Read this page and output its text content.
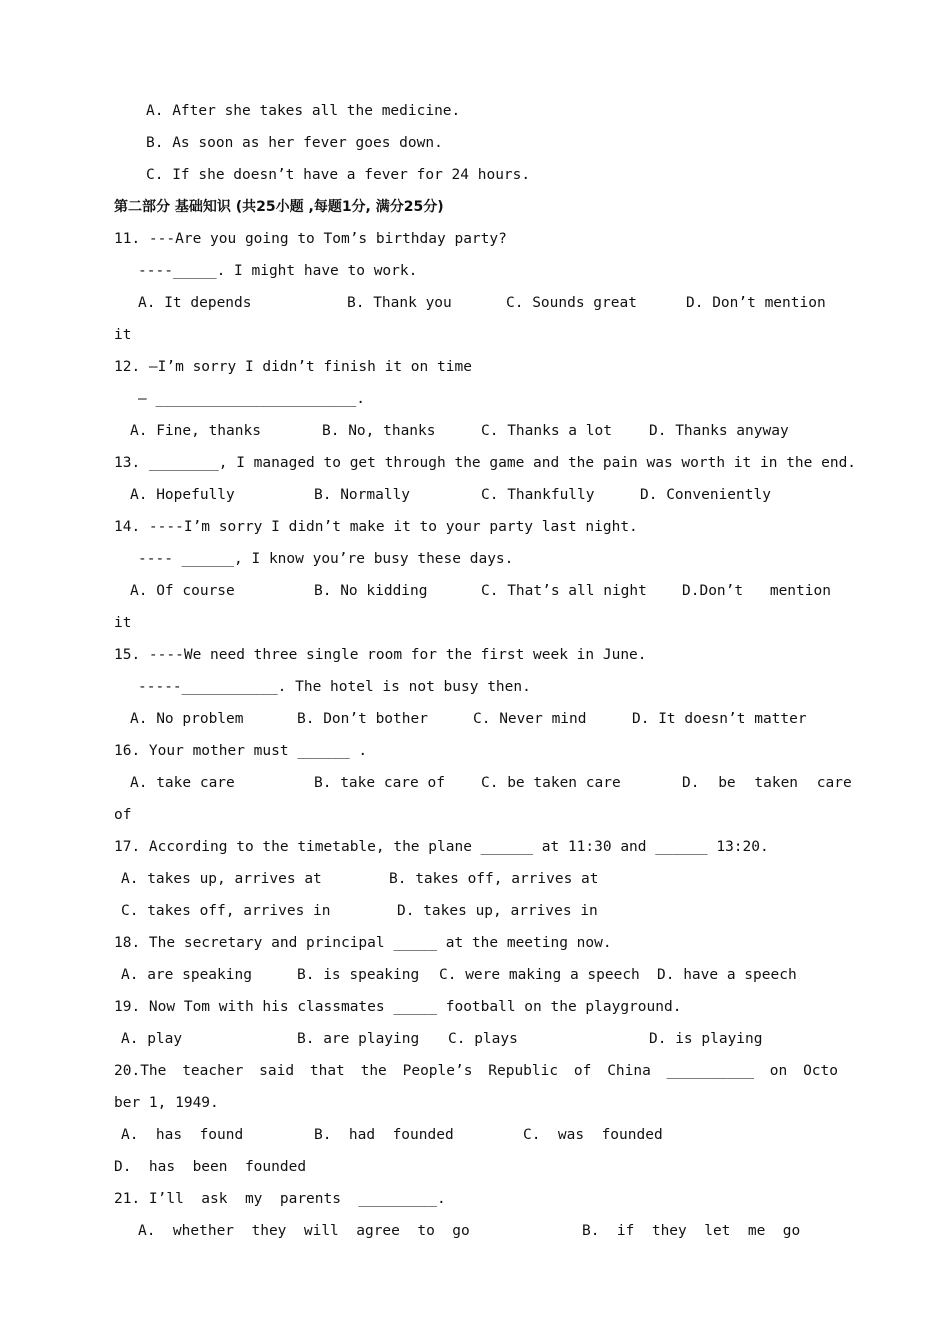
A. After she takes all the medicine.
B. As soon as her fever goes down.
C. If she doesn’t have a fever for 24 hours.
第二部分 基础知识 (共25小题 ,每题1分, 满分25分)
11. ---Are you going to Tom’s birthday party?
----_____. I might have to work.
A. It depends	B. Thank you	C. Sounds great	D. Don’t mention
it
12. —I’m sorry I didn’t finish it on time
— _______________________.
A. Fine, thanks	B. No, thanks	C. Thanks a lot	D. Thanks anyway
13. ________, I managed to get through the game and the pain was worth it in the end.
A. Hopefully	B. Normally	C. Thankfully	D. Conveniently
14. ----I’m sorry I didn’t make it to your party last night.
---- ______, I know you’re busy these days.
A. Of course	B. No kidding	C. That’s all night D.Don’t mention
it
15. ----We need three single room for the first week in June.
-----___________. The hotel is not busy then.
A. No problem	B. Don’t bother	C. Never mind	D. It doesn’t matter
16. Your mother must ______ .
A. take care	B. take care of C. be taken care	D. be taken care
of
17. According to the timetable, the plane ______ at 11:30 and ______ 13:20.
A. takes up, arrives at	B. takes off, arrives at
C. takes off, arrives in	D. takes up, arrives in
18. The secretary and principal _____ at the meeting now.
A. are speaking	B. is speaking C. were making a speech D. have a speech
19. Now Tom with his classmates _____ football on the playground.
A. play	B. are playing C. plays	D. is playing
20.The teacher said that the People’s Republic of China __________ on Octo
ber 1, 1949.
A.  has  found	B.  had  founded	C.  was  founded
D.  has  been  founded
21. I’ll  ask  my  parents  _________.
A.  whether  they  will  agree  to  go	B.  if  they  let  me  go
